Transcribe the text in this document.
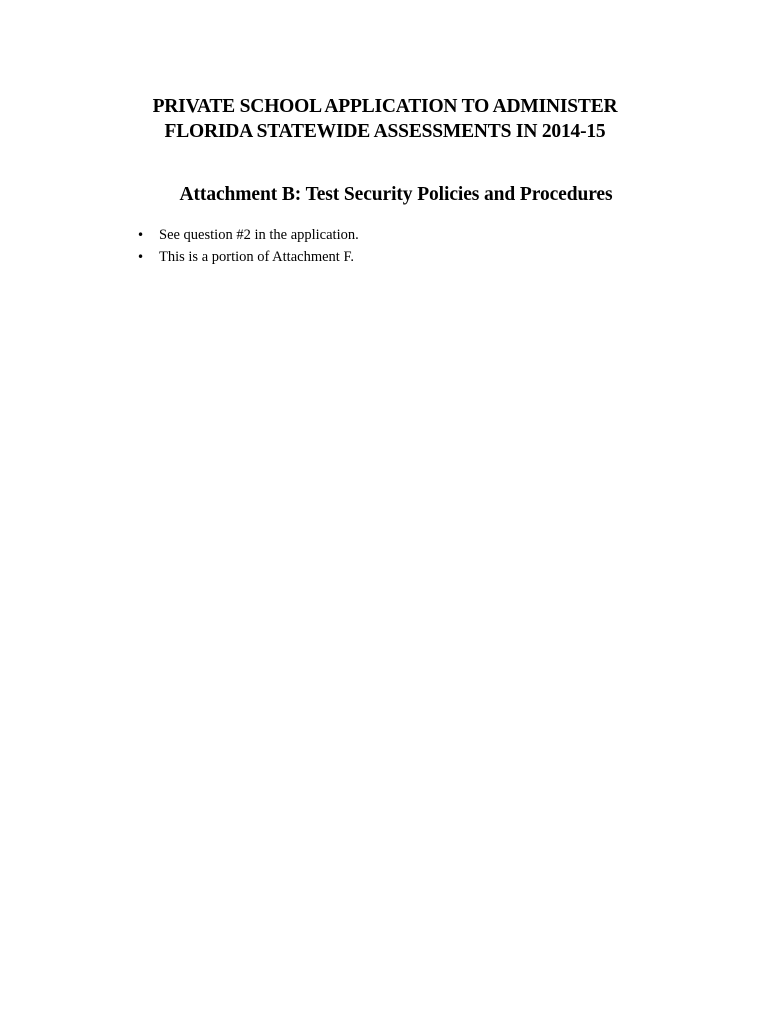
PRIVATE SCHOOL APPLICATION TO ADMINISTER
FLORIDA STATEWIDE ASSESSMENTS IN 2014-15
Attachment B: Test Security Policies and Procedures
• See question #2 in the application.
• This is a portion of Attachment F.
